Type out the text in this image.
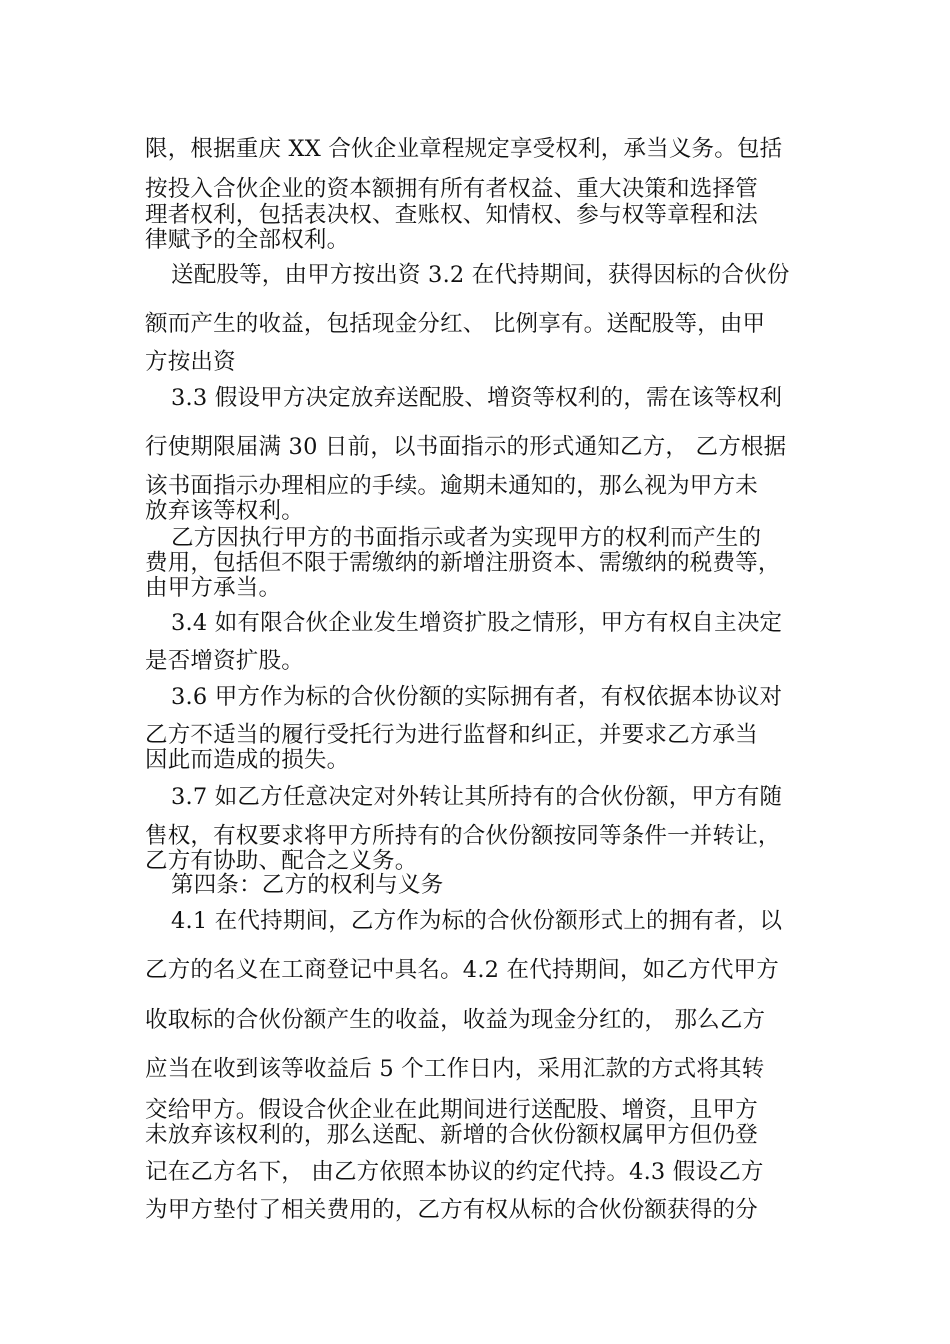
限，根据重庆 XX 合伙企业章程规定享受权利，承当义务。包括
按投入合伙企业的资本额拥有所有者权益、重大决策和选择管
理者权利，包括表决权、查账权、知情权、参与权等章程和法
律赋予的全部权利。
送配股等，由甲方按出资 3.2 在代持期间，获得因标的合伙份
额而产生的收益，包括现金分红、 比例享有。送配股等，由甲
方按出资
3.3 假设甲方决定放弃送配股、增资等权利的，需在该等权利
行使期限届满 30 日前，以书面指示的形式通知乙方， 乙方根据
该书面指示办理相应的手续。逾期未通知的，那么视为甲方未
放弃该等权利。
乙方因执行甲方的书面指示或者为实现甲方的权利而产生的
费用，包括但不限于需缴纳的新增注册资本、需缴纳的税费等，
由甲方承当。
3.4 如有限合伙企业发生增资扩股之情形，甲方有权自主决定
是否增资扩股。
3.6 甲方作为标的合伙份额的实际拥有者，有权依据本协议对
乙方不适当的履行受托行为进行监督和纠正，并要求乙方承当
因此而造成的损失。
3.7 如乙方任意决定对外转让其所持有的合伙份额，甲方有随
售权，有权要求将甲方所持有的合伙份额按同等条件一并转让，
乙方有协助、配合之义务。
第四条：乙方的权利与义务
4.1 在代持期间，乙方作为标的合伙份额形式上的拥有者，以
乙方的名义在工商登记中具名。4.2 在代持期间，如乙方代甲方
收取标的合伙份额产生的收益，收益为现金分红的， 那么乙方
应当在收到该等收益后 5 个工作日内，采用汇款的方式将其转
交给甲方。假设合伙企业在此期间进行送配股、增资，且甲方
未放弃该权利的，那么送配、新增的合伙份额权属甲方但仍登
记在乙方名下， 由乙方依照本协议的约定代持。4.3 假设乙方
为甲方垫付了相关费用的，乙方有权从标的合伙份额获得的分
